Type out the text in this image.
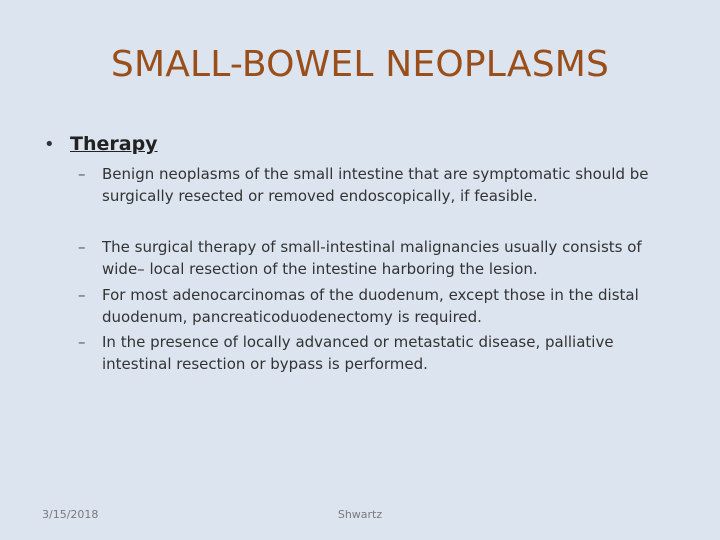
SMALL-BOWEL NEOPLASMS
• Therapy
–	Benign neoplasms of the small intestine that are symptomatic should be surgically resected or removed endoscopically, if feasible.
–	The surgical therapy of small-intestinal malignancies usually consists of wide– local resection of the intestine harboring the lesion.
–	For most adenocarcinomas of the duodenum, except those in the distal duodenum, pancreaticoduodenectomy is required.
–	In the presence of locally advanced or metastatic disease, palliative intestinal resection or bypass is performed.
3/15/2018	Shwartz
